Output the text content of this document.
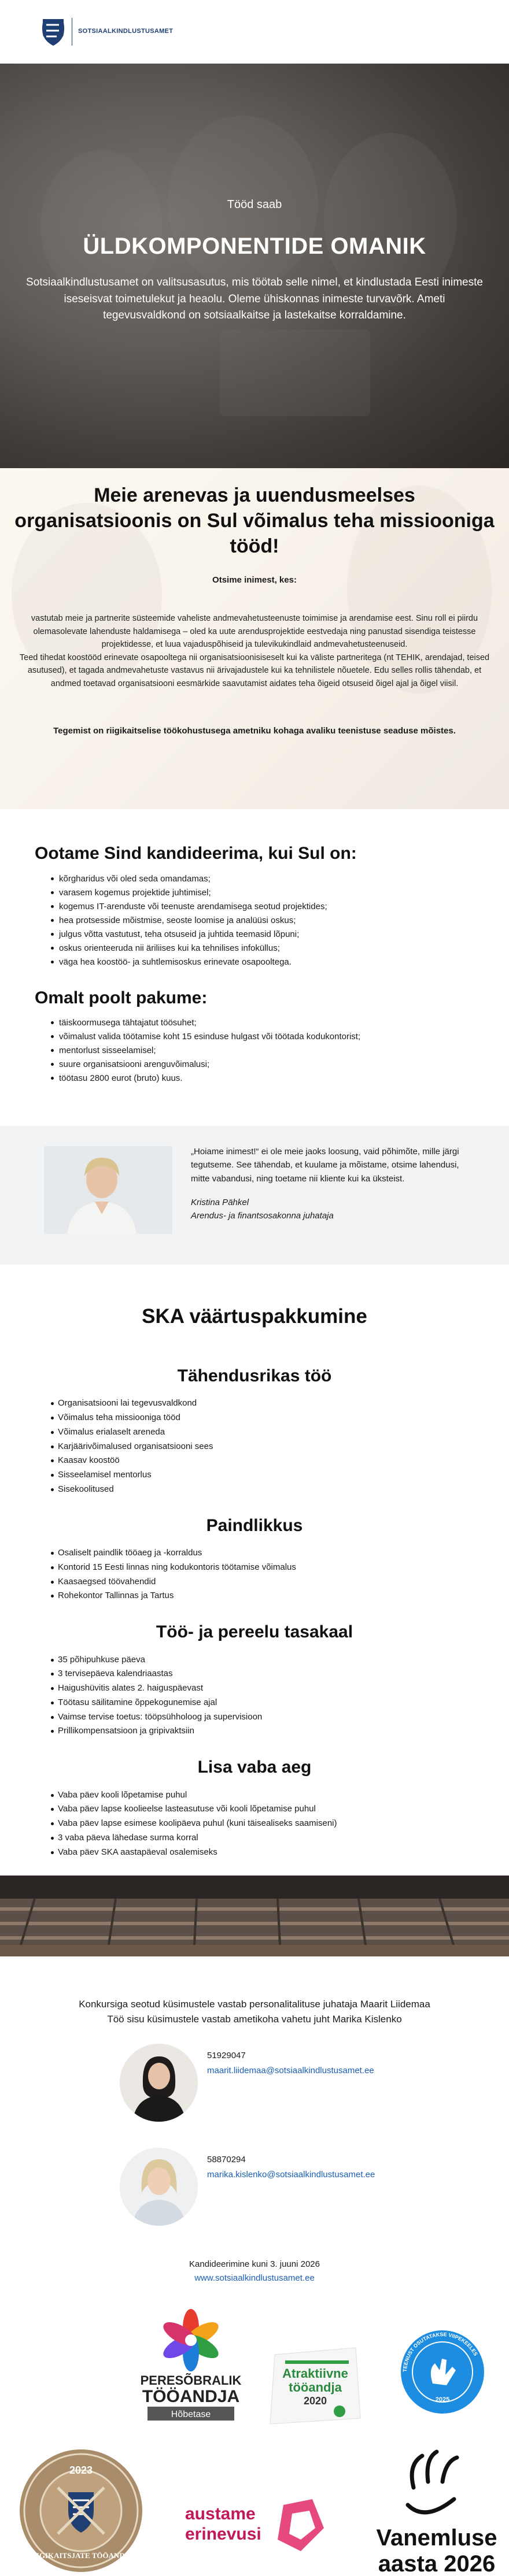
SOTSIAALKINDLUSTUSAMET
Tööd saab
ÜLDKOMPONENTIDE OMANIK

Sotsiaalkindlustusamet on valitsusasutus, mis töötab selle nimel, et kindlustada Eesti inimeste iseseisvat toimetulekut ja heaolu. Oleme ühiskonnas inimeste turvavõrk. Ameti tegevusvaldkond on sotsiaalkaitse ja lastekaitse korraldamine.

Meie arenevas ja uuendusmeelses organisatsioonis on Sul võimalus teha missiooniga tööd!
Otsime inimest, kes:

vastutab meie ja partnerite süsteemide vaheliste andmevahetusteenuste toimimise ja arendamise eest. Sinu roll ei piirdu olemasolevate lahenduste haldamisega – oled ka uute arendusprojektide eestvedaja ning panustad sisendiga teistesse projektidesse, et luua vajaduspõhiseid ja tulevikukindlaid andmevahetusteenuseid.

Teed tihedat koostööd erinevate osapooltega nii organisatsioonisiseselt kui ka väliste partneritega (nt TEHIK, arendajad, teised asutused), et tagada andmevahetuste vastavus nii ärivajadustele kui ka tehnilistele nõuetele. Edu selles rollis tähendab, et andmed toetavad organisatsiooni eesmärkide saavutamist aidates teha õigeid otsuseid õigel ajal ja õigel viisil.

Tegemist on riigikaitselise töökohustusega ametniku kohaga avaliku teenistuse seaduse mõistes.

Ootame Sind kandideerima, kui Sul on:
kõrgharidus või oled seda omandamas;
varasem kogemus projektide juhtimisel;
kogemus IT-arenduste või teenuste arendamisega seotud projektides;
hea protsesside mõistmise, seoste loomise ja analüüsi oskus;
julgus võtta vastutust, teha otsuseid ja juhtida teemasid lõpuni;
oskus orienteeruda nii äriliises kui ka tehnilises infoküllus;
väga hea koostöö- ja suhtlemisoskus erinevate osapooltega.
Omalt poolt pakume:
täiskoormusega tähtajatut töösuhet;
võimalust valida töötamise koht 15 esinduse hulgast või töötada kodukontorist;
mentorlust sisseelamisel;
suure organisatsiooni arenguvõimalusi;
töötasu 2800 eurot (bruto) kuus.

„Hoiame inimest!“ ei ole meie jaoks loosung, vaid põhimõte, mille järgi tegutseme. See tähendab, et kuulame ja mõistame, otsime lahendusi, mitte vabandusi, ning toetame nii kliente kui ka üksteist.

Kristina Pähkel
Arendus- ja finantsosakonna juhataja

SKA väärtuspakkumine
Tähendusrikas töö
Organisatsiooni lai tegevusvaldkond
Võimalus teha missiooniga tööd
Võimalus erialaselt areneda
Karjäärivõimalused organisatsiooni sees
Kaasav koostöö
Sisseelamisel mentorlus
Sisekoolitused
Paindlikkus
Osaliselt paindlik tööaeg ja -korraldus
Kontorid 15 Eesti linnas ning kodukontoris töötamise võimalus
Kaasaegsed töövahendid
Rohekontor Tallinnas ja Tartus
Töö- ja pereelu tasakaal
35 põhipuhkuse päeva
3 tervisepäeva kalendriaastas
Haigushüvitis alates 2. haiguspäevast
Töötasu säilitamine õppekogunemise ajal
Vaimse tervise toetus: tööpsühholoog ja supervisioon
Prillikompensatsioon ja gripivaktsiin
Lisa vaba aeg
Vaba päev kooli lõpetamise puhul
Vaba päev lapse koolieelse lasteasutuse või kooli lõpetamise puhul
Vaba päev lapse esimese koolipäeva puhul (kuni täisealiseks saamiseni)
3 vaba päeva lähedase surma korral
Vaba päev SKA aastapäeval osalemiseks

Konkursiga seotud küsimustele vastab personalitalituse juhataja Maarit Liidemaa
Töö sisu küsimustele vastab ametikoha vahetu juht Marika Kislenko

51929047
maarit.liidemaa@sotsiaalkindlustusamet.ee
58870294
marika.kislenko@sotsiaalkindlustusamet.ee
Kandideerimine kuni 3. juuni 2026
www.sotsiaalkindlustusamet.ee
PERESÕBRALIK
TÖÖANDJA
Hõbetase
Atraktiivne
tööandja
2020
TEENUST OSUTATAKSE VIIPEKEELES
2025
2023
RIIGIKAITSJATE TÖÖANDJA
austame
erinevusi	Vanemluse
aasta 2026
